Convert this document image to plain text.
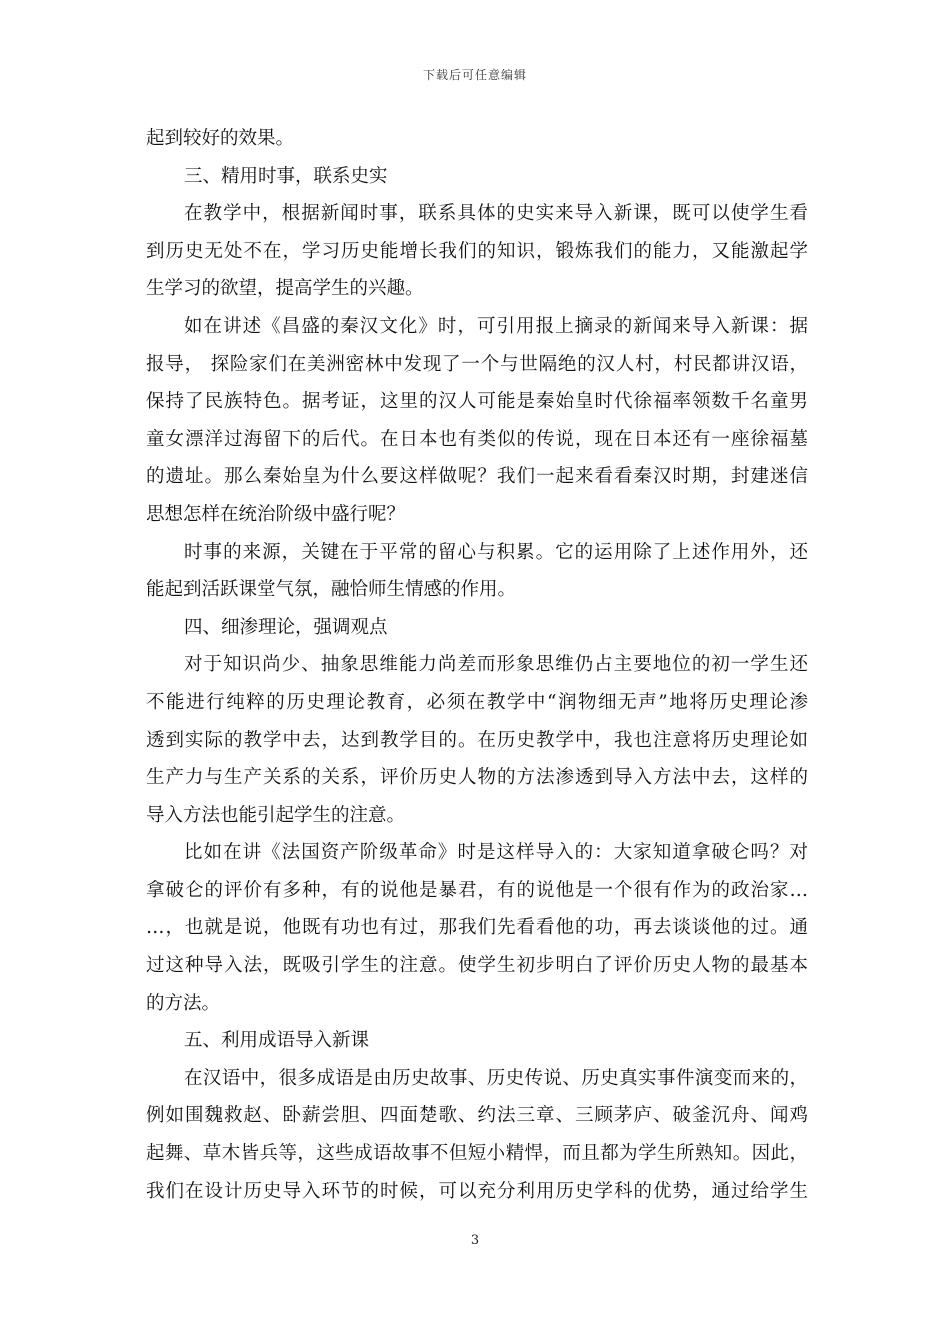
下载后可任意编辑
起到较好的效果。
三、精用时事，联系史实
在教学中，根据新闻时事，联系具体的史实来导入新课，既可以使学生看
到历史无处不在，学习历史能增长我们的知识，锻炼我们的能力，又能激起学
生学习的欲望，提高学生的兴趣。
如在讲述《昌盛的秦汉文化》时，可引用报上摘录的新闻来导入新课：据
报导， 探险家们在美洲密林中发现了一个与世隔绝的汉人村，村民都讲汉语，
保持了民族特色。据考证，这里的汉人可能是秦始皇时代徐福率领数千名童男
童女漂洋过海留下的后代。在日本也有类似的传说，现在日本还有一座徐福墓
的遗址。那么秦始皇为什么要这样做呢？我们一起来看看秦汉时期，封建迷信
思想怎样在统治阶级中盛行呢？
时事的来源，关键在于平常的留心与积累。它的运用除了上述作用外，还
能起到活跃课堂气氛，融恰师生情感的作用。
四、细渗理论，强调观点
对于知识尚少、抽象思维能力尚差而形象思维仍占主要地位的初一学生还
不能进行纯粹的历史理论教育，必须在教学中“润物细无声”地将历史理论渗
透到实际的教学中去，达到教学目的。在历史教学中，我也注意将历史理论如
生产力与生产关系的关系，评价历史人物的方法渗透到导入方法中去，这样的
导入方法也能引起学生的注意。
比如在讲《法国资产阶级革命》时是这样导入的：大家知道拿破仑吗？对
拿破仑的评价有多种，有的说他是暴君，有的说他是一个很有作为的政治家…
…，也就是说，他既有功也有过，那我们先看看他的功，再去谈谈他的过。通
过这种导入法，既吸引学生的注意。使学生初步明白了评价历史人物的最基本
的方法。
五、利用成语导入新课
在汉语中，很多成语是由历史故事、历史传说、历史真实事件演变而来的，
例如围魏救赵、卧薪尝胆、四面楚歌、约法三章、三顾茅庐、破釜沉舟、闻鸡
起舞、草木皆兵等，这些成语故事不但短小精悍，而且都为学生所熟知。因此，
我们在设计历史导入环节的时候，可以充分利用历史学科的优势，通过给学生
3
